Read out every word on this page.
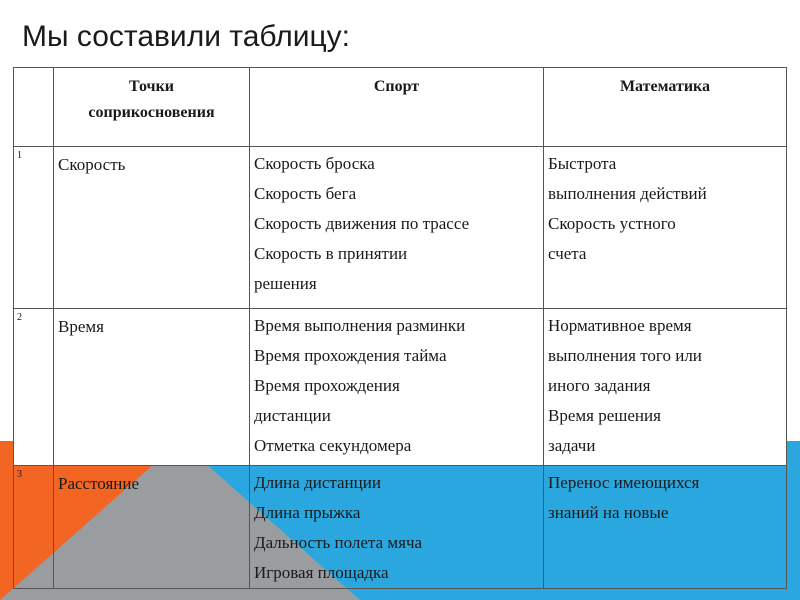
Мы составили таблицу:

	Точки
соприкосновения	Спорт	Математика
1	Скорость	Скорость броска
Скорость бега
Скорость движения по трассе
Скорость в принятии
решения	Быстрота
выполнения действий
Скорость устного
счета

2	Время	Время выполнения разминки
Время прохождения тайма
Время прохождения
дистанции
Отметка секундомера	Нормативное время
выполнения того или
иного задания
Время решения
задачи

3	Расстояние	Длина дистанции
Длина прыжка
Дальность полета мяча
Игровая площадка	Перенос имеющихся
знаний на новые
